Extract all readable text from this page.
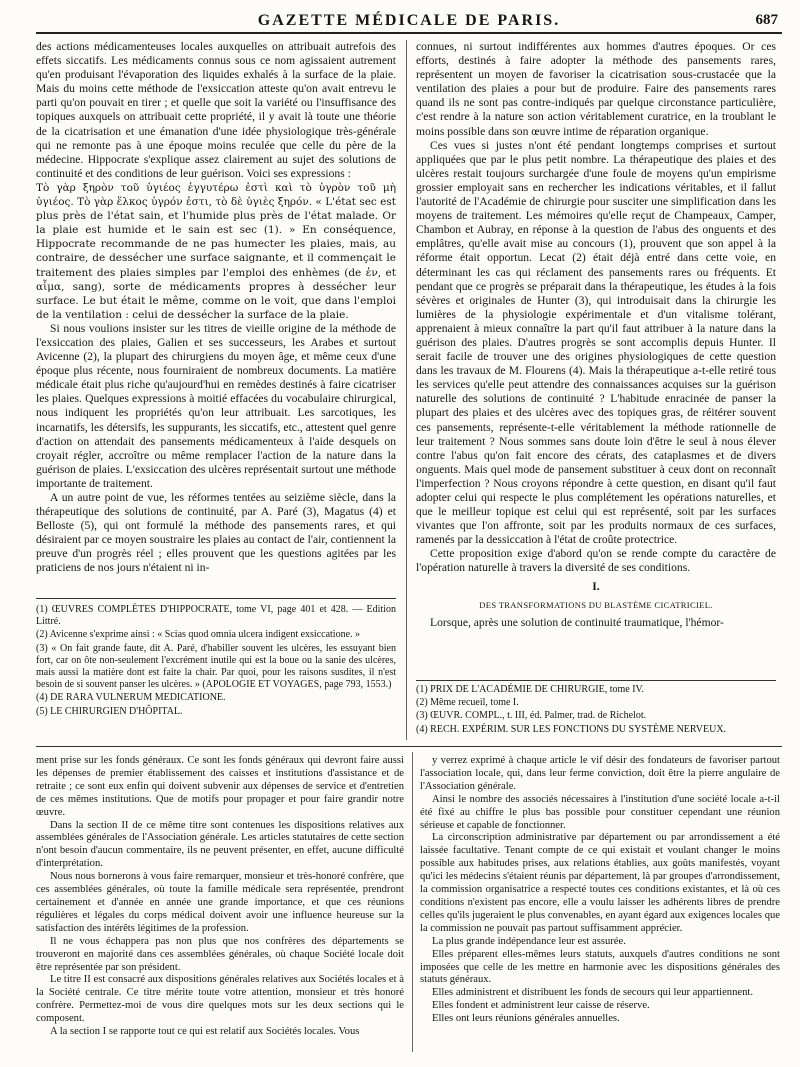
GAZETTE MÉDICALE DE PARIS.	687

des actions médicamenteuses locales auxquelles on attribuait autrefois des effets siccatifs. Les médicaments connus sous ce nom agissaient autrement qu'en produisant l'évaporation des liquides exhalés à la surface de la plaie. Mais du moins cette méthode de l'exsiccation atteste qu'on avait entrevu le parti qu'on pouvait en tirer ; et quelle que soit la variété ou l'insuffisance des topiques auxquels on attribuait cette propriété, il y avait là toute une théorie de la cicatrisation et une émanation d'une idée physiologique très-générale qui ne remonte pas à une époque moins reculée que celle du père de la médecine. Hippocrate s'explique assez clairement au sujet des solutions de continuité et des conditions de leur guérison. Voici ses expressions :

Τὸ γὰρ ξηρὸν τοῦ ὑγιέος ἐγγυτέρω ἐστὶ καὶ τὸ ὑγρὸν τοῦ μὴ ὑγιέος. Τὸ γὰρ ἕλκος ὑγρόν ἐστι, τὸ δὲ ὑγιὲς ξηρόν. « L'état sec est plus près de l'état sain, et l'humide plus près de l'état malade. Or la plaie est humide et le sain est sec (1). » En conséquence, Hippocrate recommande de ne pas humecter les plaies, mais, au contraire, de dessécher une surface saignante, et il commençait le traitement des plaies simples par l'emploi des enhèmes (de ἐν, et αἷμα, sang), sorte de médicaments propres à dessécher leur surface. Le but était le même, comme on le voit, que dans l'emploi de la ventilation : celui de dessécher la surface de la plaie.

Si nous voulions insister sur les titres de vieille origine de la méthode de l'exsiccation des plaies, Galien et ses successeurs, les Arabes et surtout Avicenne (2), la plupart des chirurgiens du moyen âge, et même ceux d'une époque plus récente, nous fourniraient de nombreux documents. La matière médicale était plus riche qu'aujourd'hui en remèdes destinés à faire cicatriser les plaies. Quelques expressions à moitié effacées du vocabulaire chirurgical, nous indiquent les propriétés qu'on leur attribuait. Les sarcotiques, les incarnatifs, les détersifs, les suppurants, les siccatifs, etc., attestent quel genre d'action on attendait des pansements médicamenteux à l'aide desquels on croyait régler, accroître ou même remplacer l'action de la nature dans la guérison de plaies. L'exsiccation des ulcères représentait surtout une méthode importante de traitement.

A un autre point de vue, les réformes tentées au seizième siècle, dans la thérapeutique des solutions de continuité, par A. Paré (3), Magatus (4) et Belloste (5), qui ont formulé la méthode des pansements rares, et qui désiraient par ce moyen soustraire les plaies au contact de l'air, contiennent la preuve d'un progrès réel ; elles prouvent que les questions agitées par les praticiens de nos jours n'étaient ni in-

(1) ŒUVRES COMPLÈTES D'HIPPOCRATE, tome VI, page 401 et 428. — Edition Littré.

(2) Avicenne s'exprime ainsi : « Scias quod omnia ulcera indigent exsiccatione. »

(3) « On fait grande faute, dit A. Paré, d'habiller souvent les ulcères, les essuyant bien fort, car on ôte non-seulement l'excrément inutile qui est la boue ou la sanie des ulcères, mais aussi la matière dont est faite la chair. Par quoi, pour les raisons susdites, il n'est besoin de si souvent panser les ulcères. » (APOLOGIE ET VOYAGES, page 793, 1553.)

(4) DE RARA VULNERUM MEDICATIONE.

(5) LE CHIRURGIEN D'HÔPITAL.

connues, ni surtout indifférentes aux hommes d'autres époques. Or ces efforts, destinés à faire adopter la méthode des pansements rares, représentent un moyen de favoriser la cicatrisation sous-crustacée que la ventilation des plaies a pour but de produire. Faire des pansements rares quand ils ne sont pas contre-indiqués par quelque circonstance particulière, c'est rendre à la nature son action véritablement curatrice, en la troublant le moins possible dans son œuvre intime de réparation organique.

Ces vues si justes n'ont été pendant longtemps comprises et surtout appliquées que par le plus petit nombre. La thérapeutique des plaies et des ulcères restait toujours surchargée d'une foule de moyens qu'un empirisme grossier employait sans en rechercher les indications véritables, et il fallut l'autorité de l'Académie de chirurgie pour susciter une simplification dans les moyens de traitement. Les mémoires qu'elle reçut de Champeaux, Camper, Chambon et Aubray, en réponse à la question de l'abus des onguents et des emplâtres, qu'elle avait mise au concours (1), prouvent que son appel à la réforme était opportun. Lecat (2) était déjà entré dans cette voie, en déterminant les cas qui réclament des pansements rares ou fréquents. Et pendant que ce progrès se préparait dans la thérapeutique, les études à la fois sévères et originales de Hunter (3), qui introduisait dans la chirurgie les lumières de la physiologie expérimentale et d'un vitalisme tolérant, apprenaient à mieux connaître la part qu'il faut attribuer à la nature dans la guérison des plaies. D'autres progrès se sont accomplis depuis Hunter. Il serait facile de trouver une des origines physiologiques de cette question dans les travaux de M. Flourens (4). Mais la thérapeutique a-t-elle retiré tous les services qu'elle peut attendre des connaissances acquises sur la guérison naturelle des solutions de continuité ? L'habitude enracinée de panser la plupart des plaies et des ulcères avec des topiques gras, de réitérer souvent ces pansements, représente-t-elle véritablement la méthode rationnelle de leur traitement ? Nous sommes sans doute loin d'être le seul à nous élever contre l'abus qu'on fait encore des cérats, des cataplasmes et de divers onguents. Mais quel mode de pansement substituer à ceux dont on reconnaît l'imperfection ? Nous croyons répondre à cette question, en disant qu'il faut adopter celui qui respecte le plus complétement les opérations naturelles, et que le meilleur topique est celui qui est représenté, soit par les surfaces vivantes que l'on affronte, soit par les produits normaux de ces surfaces, ramenés par la dessiccation à l'état de croûte protectrice.

Cette proposition exige d'abord qu'on se rende compte du caractère de l'opération naturelle à travers la diversité de ses conditions.

I.

DES TRANSFORMATIONS DU BLASTÈME CICATRICIEL.

Lorsque, après une solution de continuité traumatique, l'hémor-

(1) PRIX DE L'ACADÉMIE DE CHIRURGIE, tome IV.

(2) Même recueil, tome I.

(3) ŒUVR. COMPL., t. III, éd. Palmer, trad. de Richelot.

(4) RECH. EXPÉRIM. SUR LES FONCTIONS DU SYSTÈME NERVEUX.

ment prise sur les fonds généraux. Ce sont les fonds généraux qui devront faire aussi les dépenses de premier établissement des caisses et institutions d'assistance et de retraite ; ce sont eux enfin qui doivent subvenir aux dépenses de service et d'entretien de ces mêmes institutions. Que de motifs pour propager et pour faire grandir notre œuvre.

Dans la section II de ce même titre sont contenues les dispositions relatives aux assemblées générales de l'Association générale. Les articles statutaires de cette section n'ont besoin d'aucun commentaire, ils ne peuvent présenter, en effet, aucune difficulté d'interprétation.

Nous nous bornerons à vous faire remarquer, monsieur et très-honoré confrère, que ces assemblées générales, où toute la famille médicale sera représentée, prendront certainement et d'année en année une grande importance, et que ces réunions régulières et légales du corps médical doivent avoir une influence heureuse sur la satisfaction des intérêts légitimes de la profession.

Il ne vous échappera pas non plus que nos confrères des départements se trouveront en majorité dans ces assemblées générales, où chaque Société locale doit être représentée par son président.

Le titre II est consacré aux dispositions générales relatives aux Sociétés locales et à la Société centrale. Ce titre mérite toute votre attention, monsieur et très honoré confrère. Permettez-moi de vous dire quelques mots sur les deux sections qui le composent.

A la section I se rapporte tout ce qui est relatif aux Sociétés locales. Vous

y verrez exprimé à chaque article le vif désir des fondateurs de favoriser partout l'association locale, qui, dans leur ferme conviction, doit être la pierre angulaire de l'Association générale.

Ainsi le nombre des associés nécessaires à l'institution d'une société locale a-t-il été fixé au chiffre le plus bas possible pour constituer cependant une réunion sérieuse et capable de fonctionner.

La circonscription administrative par département ou par arrondissement a été laissée facultative. Tenant compte de ce qui existait et voulant changer le moins possible aux habitudes prises, aux relations établies, aux goûts manifestés, voyant qu'ici les médecins s'étaient réunis par département, là par groupes d'arrondissement, la commission organisatrice a respecté toutes ces conditions existantes, et là où ces conditions n'existent pas encore, elle a voulu laisser les adhérents libres de prendre celles qu'ils jugeraient le plus convenables, en ayant égard aux exigences locales que la commission ne pouvait pas partout suffisamment apprécier.

La plus grande indépendance leur est assurée.

Elles préparent elles-mêmes leurs statuts, auxquels d'autres conditions ne sont imposées que celle de les mettre en harmonie avec les dispositions générales des statuts généraux.

Elles administrent et distribuent les fonds de secours qui leur appartiennent.

Elles fondent et administrent leur caisse de réserve.

Elles ont leurs réunions générales annuelles.
